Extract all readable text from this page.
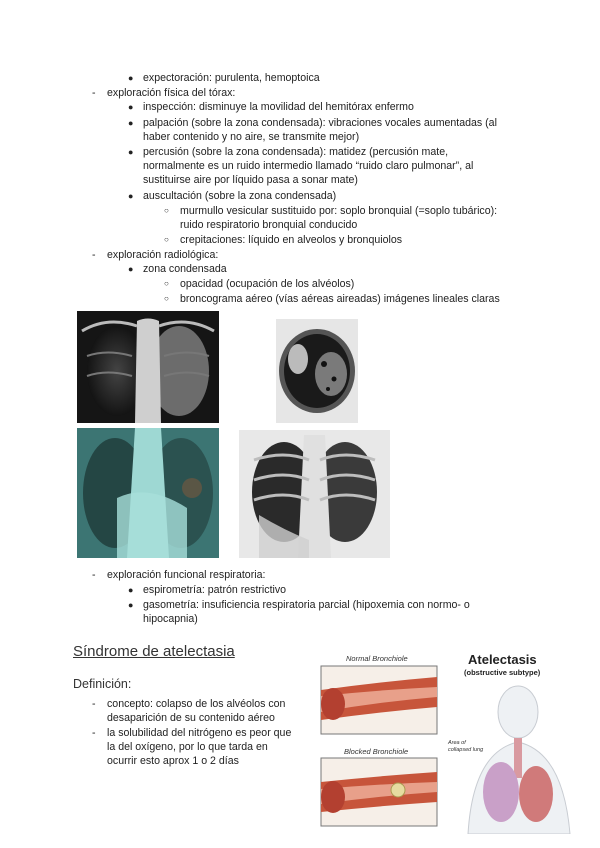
● expectoración: purulenta, hemoptoica
- exploración física del tórax:
● inspección: disminuye la movilidad del hemitórax enfermo
● palpación (sobre la zona condensada): vibraciones vocales aumentadas (al
haber contenido y no aire, se transmite mejor)
● percusión (sobre la zona condensada): matidez (percusión mate,
normalmente es un ruido intermedio llamado “ruido claro pulmonar”, al
sustituirse aire por líquido pasa a sonar mate)
● auscultación (sobre la zona condensada)
○ murmullo vesicular sustituido por: soplo bronquial (=soplo tubárico):
ruido respiratorio bronquial conducido
○ crepitaciones: líquido en alveolos y bronquiolos
- exploración radiológica:
● zona condensada
○ opacidad (ocupación de los alvéolos)
○ broncograma aéreo (vías aéreas aireadas) imágenes lineales claras
- exploración funcional respiratoria:
● espirometría: patrón restrictivo
● gasometría: insuficiencia respiratoria parcial (hipoxemia con normo- o
hipocapnia)
Síndrome de atelectasia
Definición:
- concepto: colapso de los alvéolos con
desaparición de su contenido aéreo
- la solubilidad del nitrógeno es peor que
la del oxígeno, por lo que tarda en
ocurrir esto aprox 1 o 2 días
Normal Bronchiole
Blocked Bronchiole
Atelectasis
(obstructive subtype)
Area of
collapsed lung
